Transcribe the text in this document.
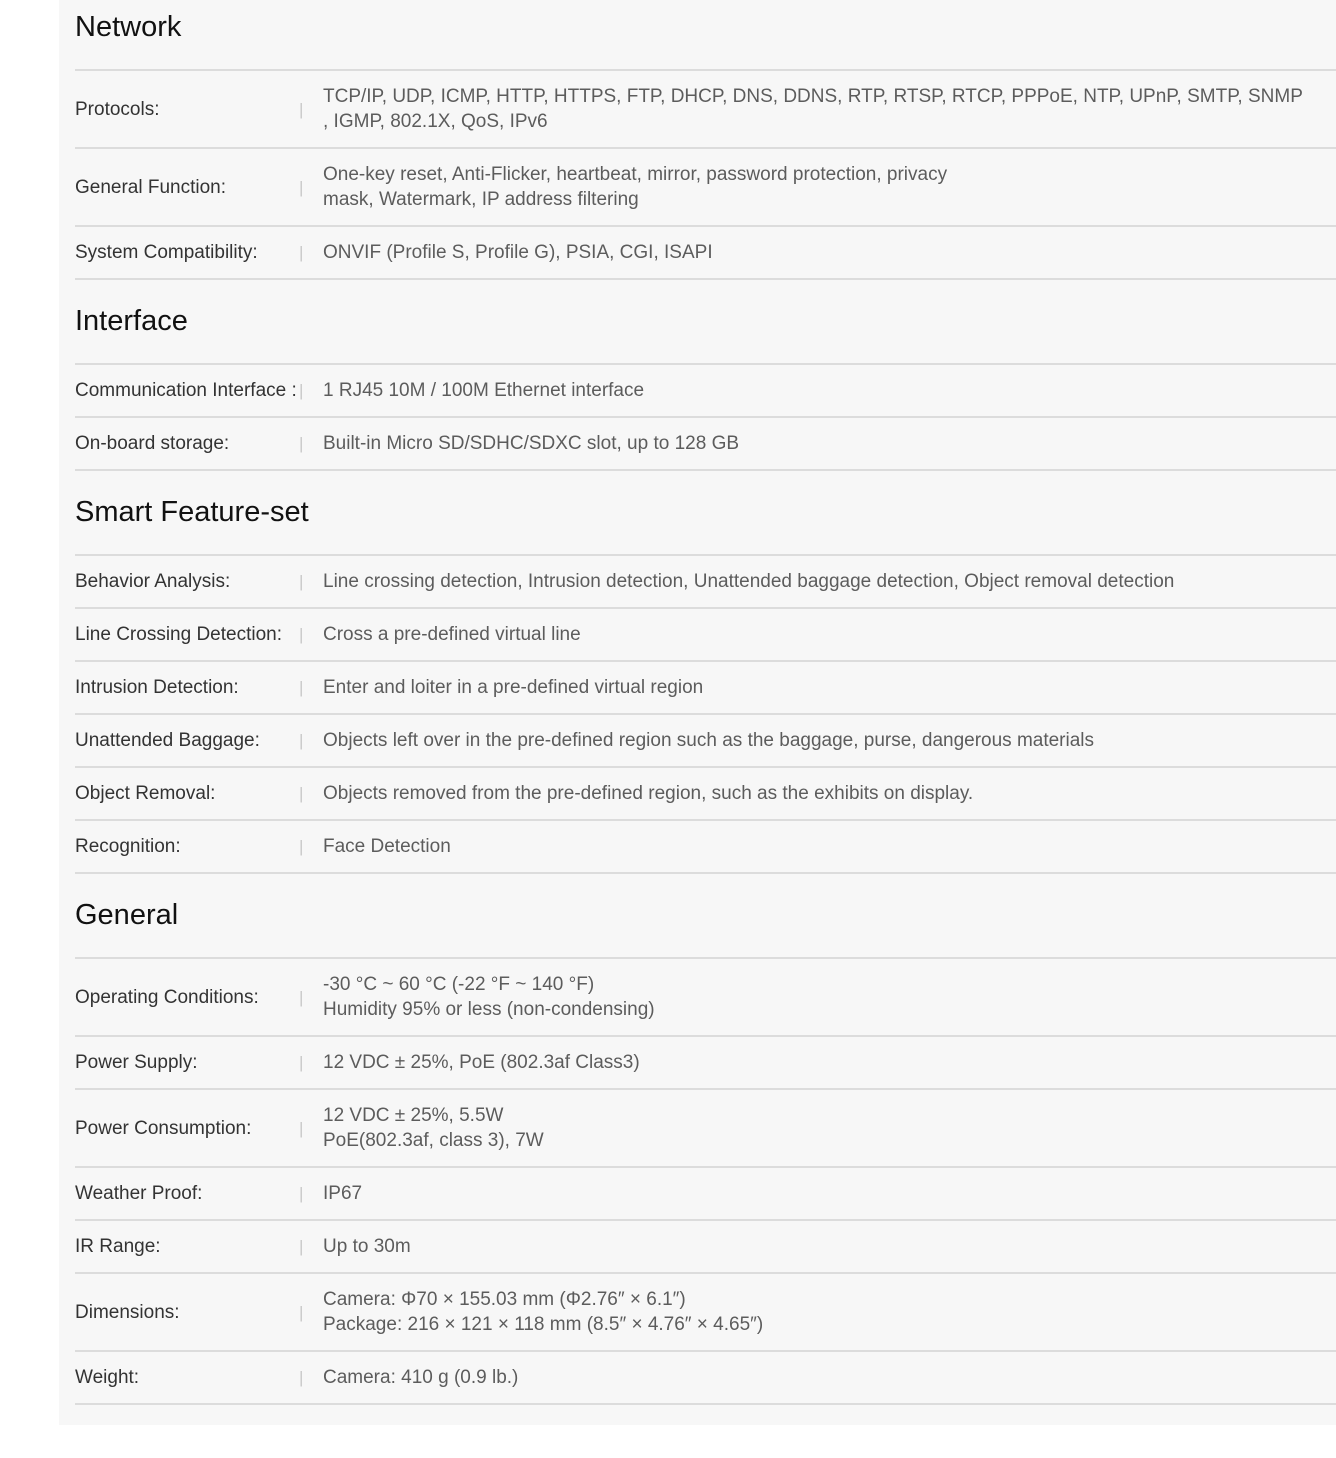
Network
Protocols:	|
TCP/IP, UDP, ICMP, HTTP, HTTPS, FTP, DHCP, DNS, DDNS, RTP, RTSP, RTCP, PPPoE, NTP, UPnP, SMTP, SNMP
, IGMP, 802.1X, QoS, IPv6
General Function:	|
One-key reset, Anti-Flicker, heartbeat, mirror, password protection, privacy
mask, Watermark, IP address filtering
System Compatibility:	|	ONVIF (Profile S, Profile G), PSIA, CGI, ISAPI
Interface
Communication Interface : |	1 RJ45 10M / 100M Ethernet interface
On-board storage:	|	Built-in Micro SD/SDHC/SDXC slot, up to 128 GB
Smart Feature-set
Behavior Analysis:	|	Line crossing detection, Intrusion detection, Unattended baggage detection, Object removal detection
Line Crossing Detection:	|	Cross a pre-defined virtual line
Intrusion Detection:	|	Enter and loiter in a pre-defined virtual region
Unattended Baggage:	|	Objects left over in the pre-defined region such as the baggage, purse, dangerous materials
Object Removal:	|	Objects removed from the pre-defined region, such as the exhibits on display.
Recognition:	|	Face Detection
General
Operating Conditions:	|
-30 °C ~ 60 °C (-22 °F ~ 140 °F)
Humidity 95% or less (non-condensing)
Power Supply:	|	12 VDC ± 25%, PoE (802.3af Class3)
Power Consumption:	|
12 VDC ± 25%, 5.5W
PoE(802.3af, class 3), 7W
Weather Proof:	|	IP67
IR Range:	|	Up to 30m
Dimensions:	|
Camera: Φ70 × 155.03 mm (Φ2.76″ × 6.1″)
Package: 216 × 121 × 118 mm (8.5″ × 4.76″ × 4.65″)
Weight:	|	Camera: 410 g (0.9 lb.)
